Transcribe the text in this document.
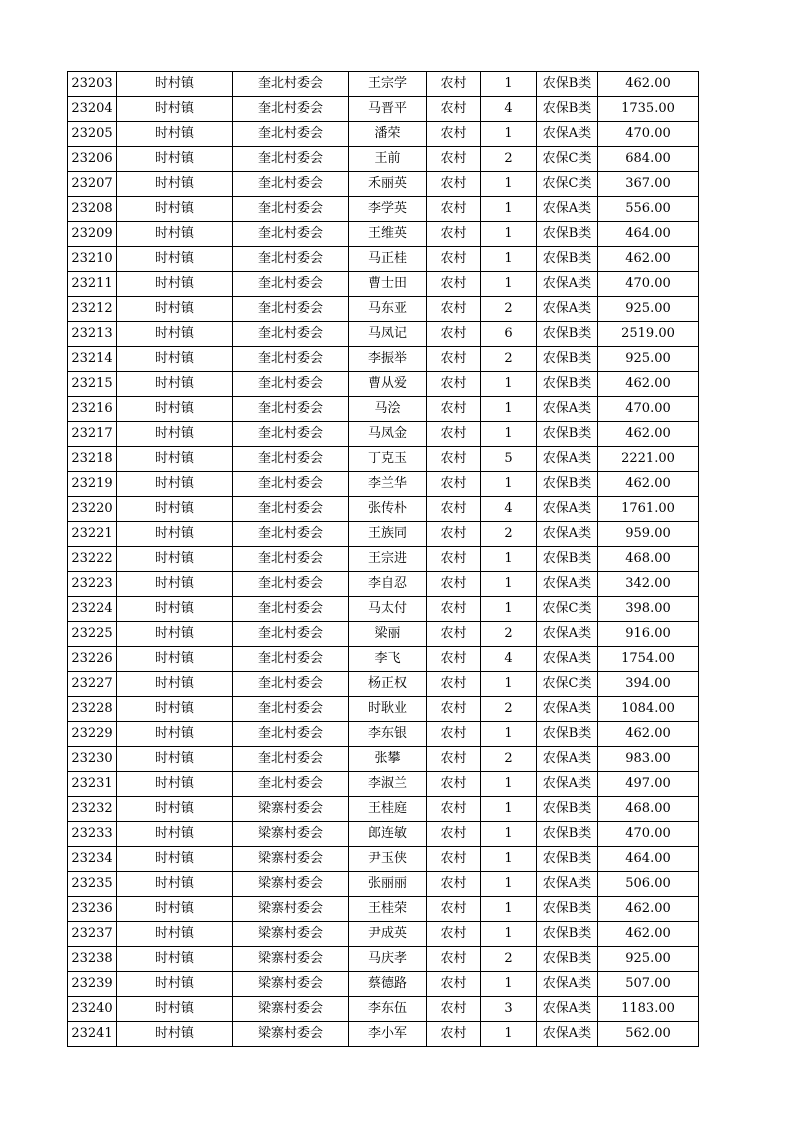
23203	时村镇	奎北村委会	王宗学	农村	1	农保B类	462.00
23204	时村镇	奎北村委会	马晋平	农村	4	农保B类	1735.00
23205	时村镇	奎北村委会	潘荣	农村	1	农保A类	470.00
23206	时村镇	奎北村委会	王前	农村	2	农保C类	684.00
23207	时村镇	奎北村委会	禾丽英	农村	1	农保C类	367.00
23208	时村镇	奎北村委会	李学英	农村	1	农保A类	556.00
23209	时村镇	奎北村委会	王维英	农村	1	农保B类	464.00
23210	时村镇	奎北村委会	马正桂	农村	1	农保B类	462.00
23211	时村镇	奎北村委会	曹士田	农村	1	农保A类	470.00
23212	时村镇	奎北村委会	马东亚	农村	2	农保A类	925.00
23213	时村镇	奎北村委会	马凤记	农村	6	农保B类	2519.00
23214	时村镇	奎北村委会	李振举	农村	2	农保B类	925.00
23215	时村镇	奎北村委会	曹从爱	农村	1	农保B类	462.00
23216	时村镇	奎北村委会	马浍	农村	1	农保A类	470.00
23217	时村镇	奎北村委会	马凤金	农村	1	农保B类	462.00
23218	时村镇	奎北村委会	丁克玉	农村	5	农保A类	2221.00
23219	时村镇	奎北村委会	李兰华	农村	1	农保B类	462.00
23220	时村镇	奎北村委会	张传朴	农村	4	农保A类	1761.00
23221	时村镇	奎北村委会	王族同	农村	2	农保A类	959.00
23222	时村镇	奎北村委会	王宗进	农村	1	农保B类	468.00
23223	时村镇	奎北村委会	李自忍	农村	1	农保A类	342.00
23224	时村镇	奎北村委会	马太付	农村	1	农保C类	398.00
23225	时村镇	奎北村委会	梁丽	农村	2	农保A类	916.00
23226	时村镇	奎北村委会	李飞	农村	4	农保A类	1754.00
23227	时村镇	奎北村委会	杨正权	农村	1	农保C类	394.00
23228	时村镇	奎北村委会	时耿业	农村	2	农保A类	1084.00
23229	时村镇	奎北村委会	李东银	农村	1	农保B类	462.00
23230	时村镇	奎北村委会	张攀	农村	2	农保A类	983.00
23231	时村镇	奎北村委会	李淑兰	农村	1	农保A类	497.00
23232	时村镇	梁寨村委会	王桂庭	农村	1	农保B类	468.00
23233	时村镇	梁寨村委会	郎连敏	农村	1	农保B类	470.00
23234	时村镇	梁寨村委会	尹玉侠	农村	1	农保B类	464.00
23235	时村镇	梁寨村委会	张丽丽	农村	1	农保A类	506.00
23236	时村镇	梁寨村委会	王桂荣	农村	1	农保B类	462.00
23237	时村镇	梁寨村委会	尹成英	农村	1	农保B类	462.00
23238	时村镇	梁寨村委会	马庆孝	农村	2	农保B类	925.00
23239	时村镇	梁寨村委会	蔡德路	农村	1	农保A类	507.00
23240	时村镇	梁寨村委会	李东伍	农村	3	农保A类	1183.00
23241	时村镇	梁寨村委会	李小军	农村	1	农保A类	562.00
